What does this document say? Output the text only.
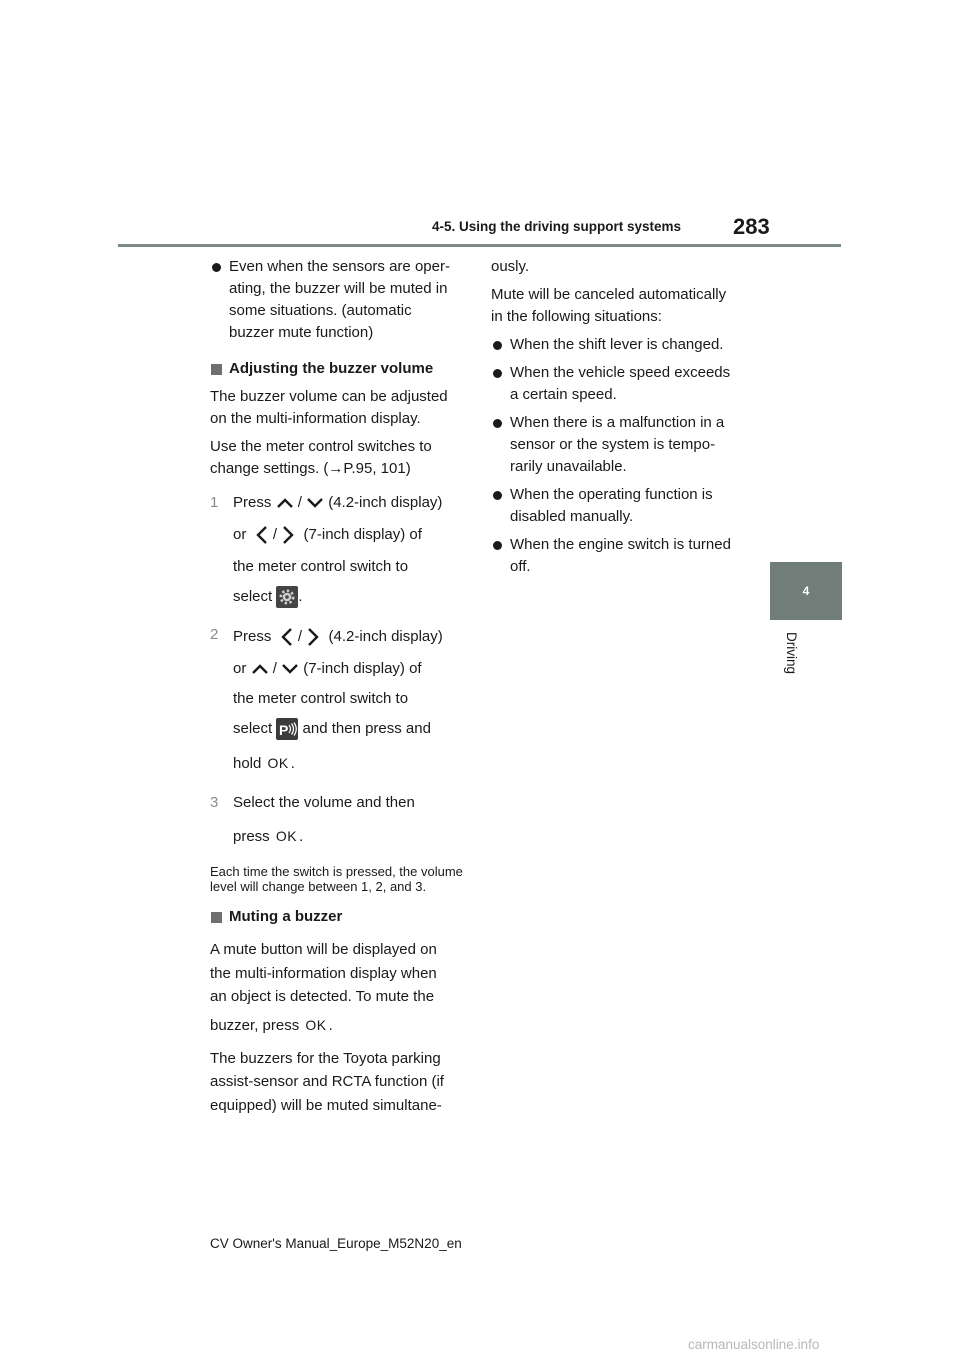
4-5. Using the driving support systems 283
4
Driving
Even when the sensors are oper-
ating, the buzzer will be muted in
some situations. (automatic
buzzer mute function)
Adjusting the buzzer volume

The buzzer volume can be adjusted
on the multi-information display.

Use the meter control switches to
change settings. (→P.95, 101)

1 Press / (4.2-inch display)
or / (7-inch display) of
the meter control switch to
select .
2 Press / (4.2-inch display)
or / (7-inch display) of
the meter control switch to
select P and then press and
hold OK .
3 Select the volume and then
press OK .
Each time the switch is pressed, the volume level will change between 1, 2, and 3.
Muting a buzzer

A mute button will be displayed on
the multi-information display when
an object is detected. To mute the
buzzer, press OK .

The buzzers for the Toyota parking
assist-sensor and RCTA function (if
equipped) will be muted simultane-

ously.

Mute will be canceled automatically
in the following situations:

When the shift lever is changed.
When the vehicle speed exceeds
a certain speed.
When there is a malfunction in a
sensor or the system is tempo-
rarily unavailable.
When the operating function is
disabled manually.
When the engine switch is turned
off.
CV Owner's Manual_Europe_M52N20_en
carmanualsonline.info
